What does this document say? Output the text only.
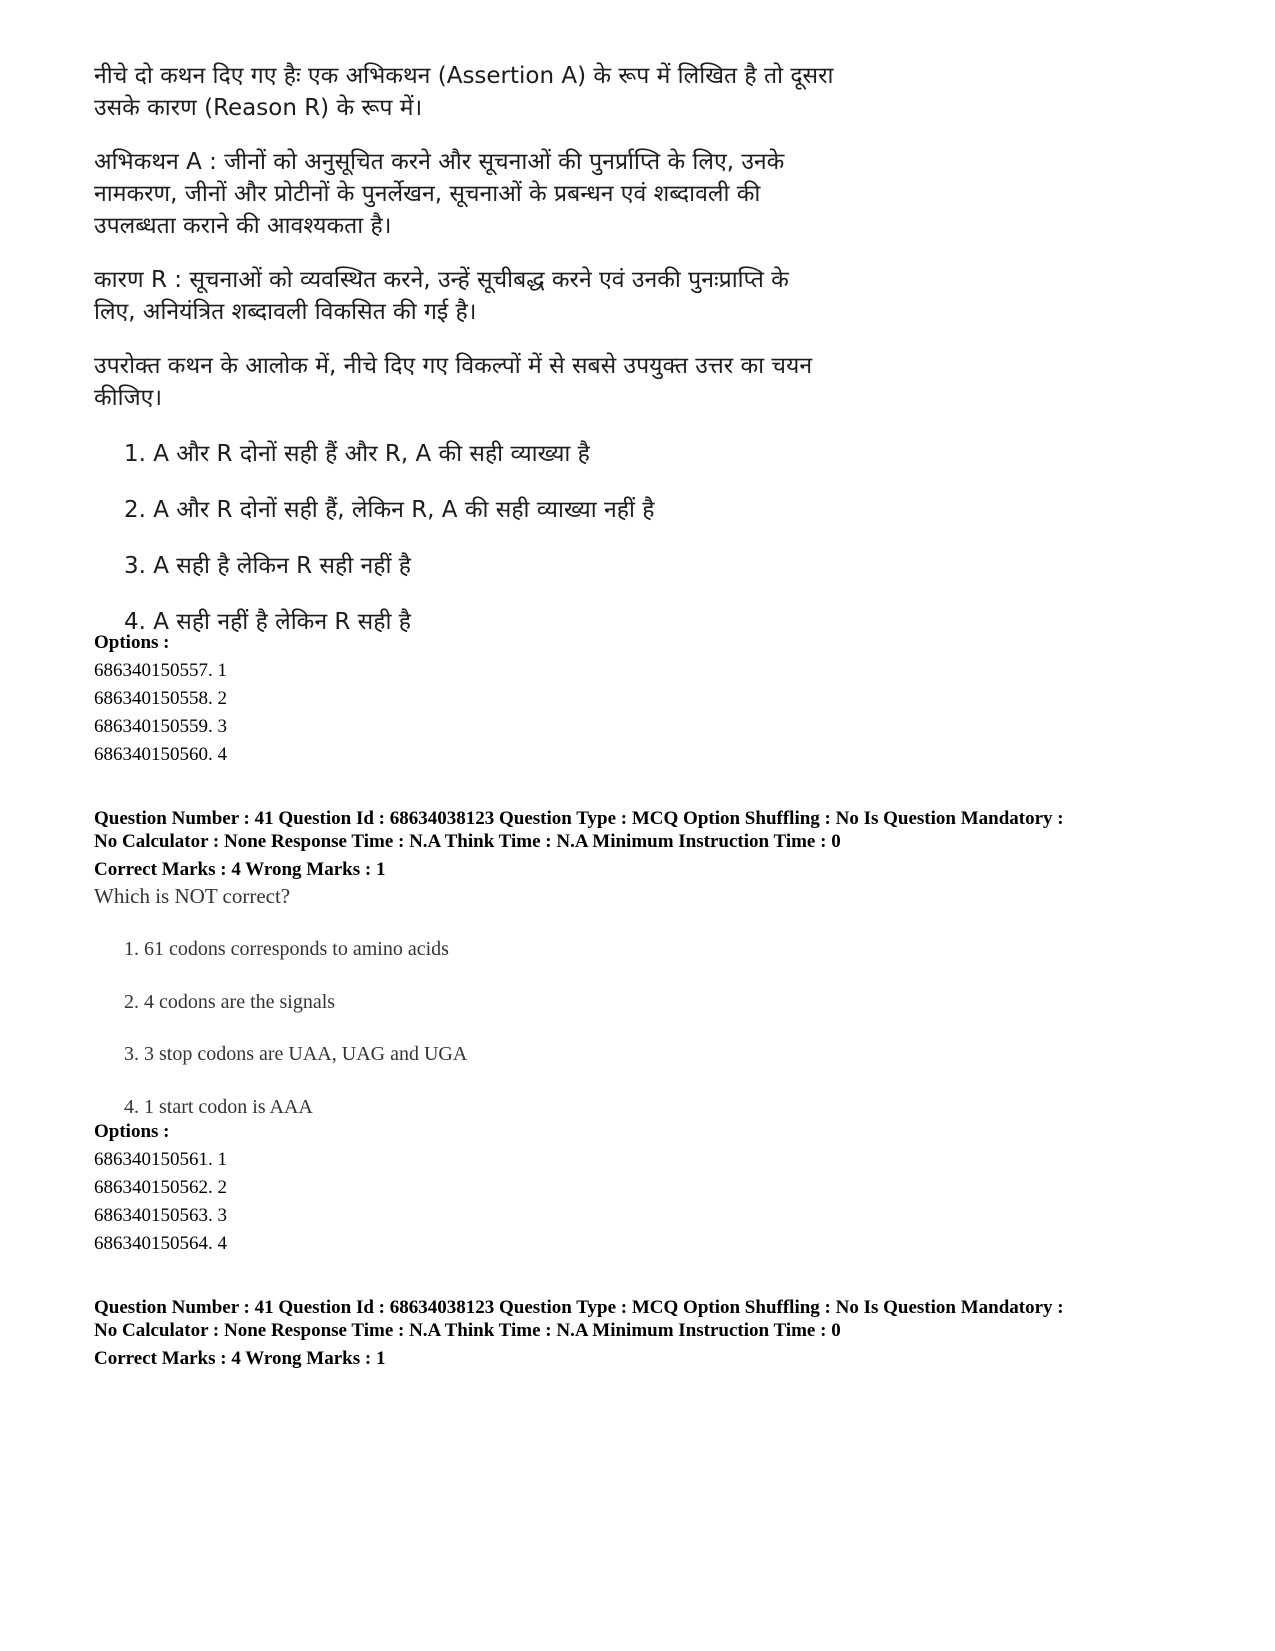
नीचे दो कथन दिए गए हैः एक अभिकथन (Assertion A) के रूप में लिखित है तो दूसरा
उसके कारण (Reason R) के रूप में।
अभिकथन A : जीनों को अनुसूचित करने और सूचनाओं की पुनर्प्राप्ति के लिए, उनके
नामकरण, जीनों और प्रोटीनों के पुनर्लेखन, सूचनाओं के प्रबन्धन एवं शब्दावली की
उपलब्धता कराने की आवश्यकता है।
कारण R : सूचनाओं को व्यवस्थित करने, उन्हें सूचीबद्ध करने एवं उनकी पुनःप्राप्ति के
लिए, अनियंत्रित शब्दावली विकसित की गई है।
उपरोक्त कथन के आलोक में, नीचे दिए गए विकल्पों में से सबसे उपयुक्त उत्तर का चयन
कीजिए।
1. A और R दोनों सही हैं और R, A की सही व्याख्या है
2. A और R दोनों सही हैं, लेकिन R, A की सही व्याख्या नहीं है
3. A सही है लेकिन R सही नहीं है
4. A सही नहीं है लेकिन R सही है
Options :
686340150557. 1
686340150558. 2
686340150559. 3
686340150560. 4
Question Number : 41 Question Id : 68634038123 Question Type : MCQ Option Shuffling : No Is Question Mandatory :
No Calculator : None Response Time : N.A Think Time : N.A Minimum Instruction Time : 0
Correct Marks : 4 Wrong Marks : 1
Which is NOT correct?
1. 61 codons corresponds to amino acids
2. 4 codons are the signals
3. 3 stop codons are UAA, UAG and UGA
4. 1 start codon is AAA
Options :
686340150561. 1
686340150562. 2
686340150563. 3
686340150564. 4
Question Number : 41 Question Id : 68634038123 Question Type : MCQ Option Shuffling : No Is Question Mandatory :
No Calculator : None Response Time : N.A Think Time : N.A Minimum Instruction Time : 0
Correct Marks : 4 Wrong Marks : 1
